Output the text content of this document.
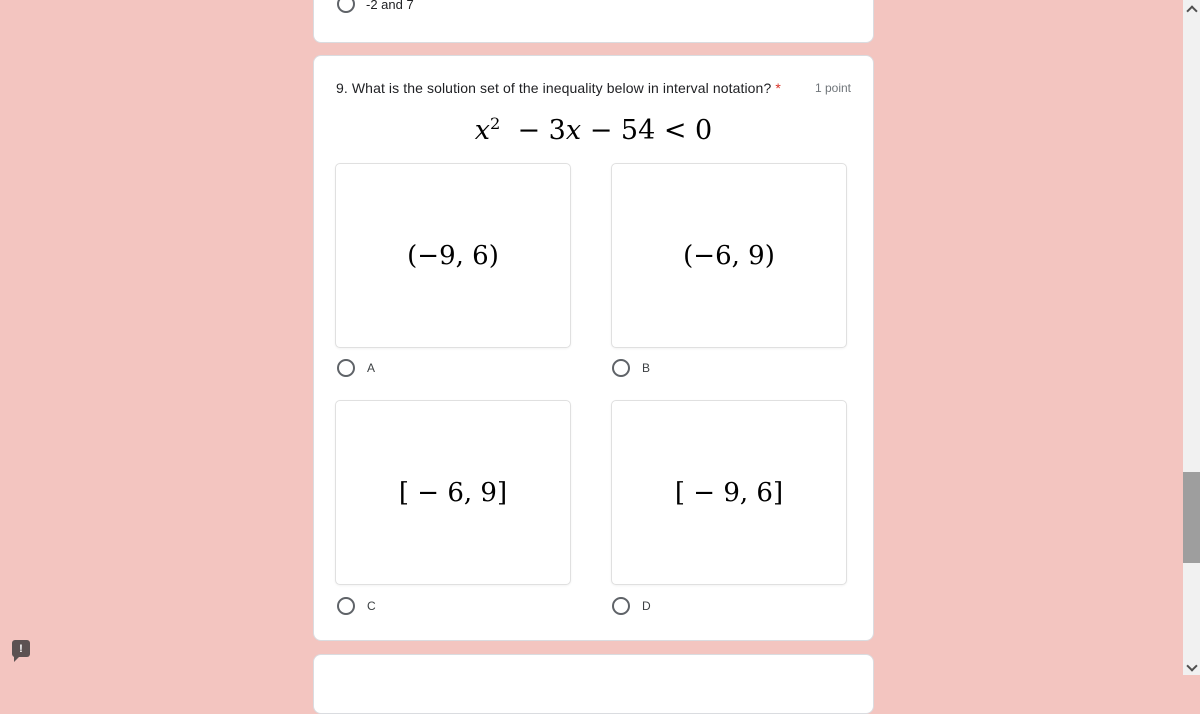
-2 and 7
9. What is the solution set of the inequality below in interval notation? *	1 point
$x^2 - 3x - 54 < 0$
(−9, 6)
A
(−6, 9)
B
[ − 6, 9]
C
[ − 9, 6]
D
!
